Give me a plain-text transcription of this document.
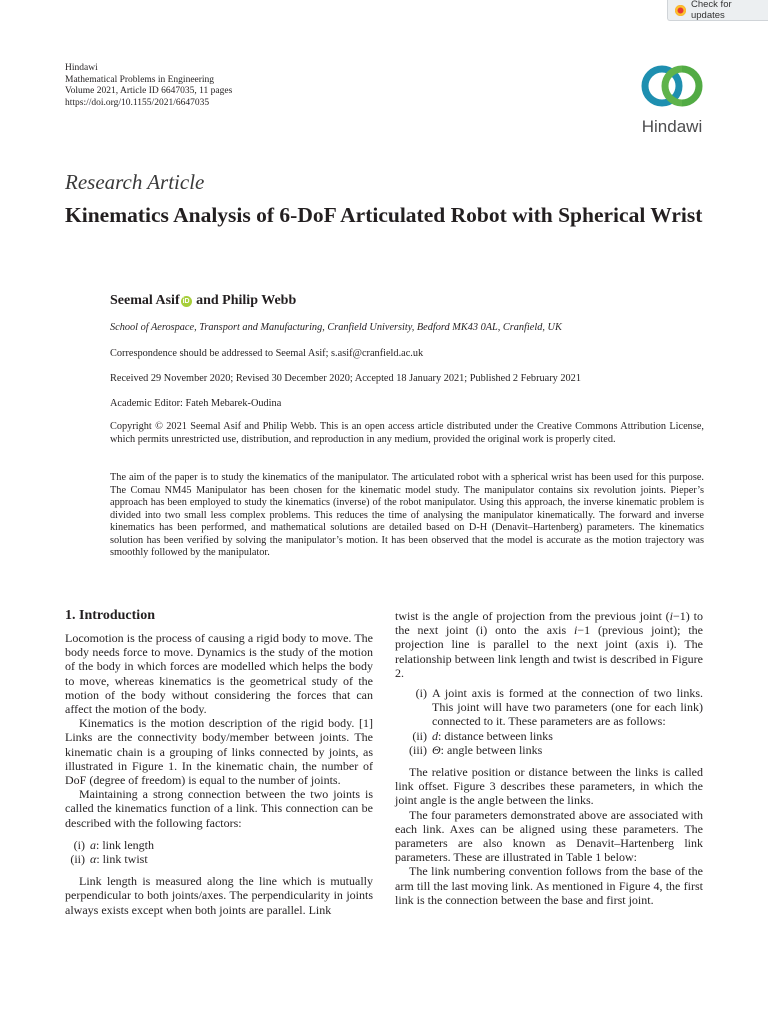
Check for updates
Hindawi
Mathematical Problems in Engineering
Volume 2021, Article ID 6647035, 11 pages
https://doi.org/10.1155/2021/6647035
Hindawi
Research Article
Kinematics Analysis of 6-DoF Articulated Robot with Spherical Wrist
Seemal Asif iD and Philip Webb
School of Aerospace, Transport and Manufacturing, Cranfield University, Bedford MK43 0AL, Cranfield, UK
Correspondence should be addressed to Seemal Asif; s.asif@cranfield.ac.uk
Received 29 November 2020; Revised 30 December 2020; Accepted 18 January 2021; Published 2 February 2021
Academic Editor: Fateh Mebarek-Oudina
Copyright © 2021 Seemal Asif and Philip Webb. This is an open access article distributed under the Creative Commons Attribution License, which permits unrestricted use, distribution, and reproduction in any medium, provided the original work is properly cited.
The aim of the paper is to study the kinematics of the manipulator. The articulated robot with a spherical wrist has been used for this purpose. The Comau NM45 Manipulator has been chosen for the kinematic model study. The manipulator contains six revolution joints. Pieper’s approach has been employed to study the kinematics (inverse) of the robot manipulator. Using this approach, the inverse kinematic problem is divided into two small less complex problems. This reduces the time of analysing the manipulator kinematically. The forward and inverse kinematics has been performed, and mathematical solutions are detailed based on D-H (Denavit–Hartenberg) parameters. The kinematics solution has been verified by solving the manipulator’s motion. It has been observed that the model is accurate as the motion trajectory was smoothly followed by the manipulator.
1. Introduction

Locomotion is the process of causing a rigid body to move. The body needs force to move. Dynamics is the study of the motion of the body in which forces are modelled which helps the body to move, whereas kinematics is the geometrical study of the motion of the body without considering the forces that can affect the motion of the body.

Kinematics is the motion description of the rigid body. [1] Links are the connectivity body/member between joints. The kinematic chain is a grouping of links connected by joints, as illustrated in Figure 1. In the kinematic chain, the number of DoF (degree of freedom) is equal to the number of joints.

Maintaining a strong connection between the two joints is called the kinematics function of a link. This connection can be described with the following factors:

(i) a: link length
(ii) α: link twist

Link length is measured along the line which is mutually perpendicular to both joints/axes. The perpendicularity in joints always exists except when both joints are parallel. Link

twist is the angle of projection from the previous joint (i−1) to the next joint (i) onto the axis i−1 (previous joint); the projection line is parallel to the next joint (axis i). The relationship between link length and twist is described in Figure 2.

(i) A joint axis is formed at the connection of two links. This joint will have two parameters (one for each link) connected to it. These parameters are as follows:
(ii) d: distance between links
(iii) Θ: angle between links

The relative position or distance between the links is called link offset. Figure 3 describes these parameters, in which the joint angle is the angle between the links.

The four parameters demonstrated above are associated with each link. Axes can be aligned using these parameters. The parameters are also known as Denavit–Hartenberg link parameters. These are illustrated in Table 1 below:

The link numbering convention follows from the base of the arm till the last moving link. As mentioned in Figure 4, the first link is the connection between the base and first joint.
